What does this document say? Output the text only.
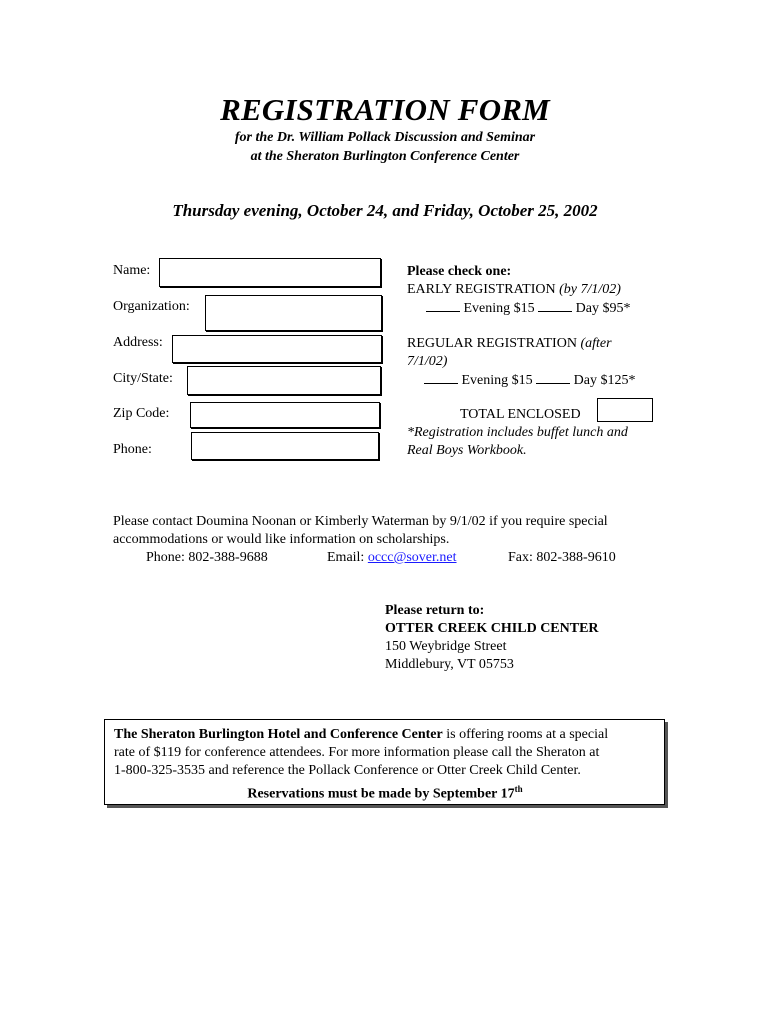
REGISTRATION FORM
for the Dr. William Pollack Discussion and Seminar
at the Sheraton Burlington Conference Center
Thursday evening, October 24, and Friday, October 25, 2002
Name:
Organization:
Address:
City/State:
Zip Code:
Phone:
Please check one:
EARLY REGISTRATION (by 7/1/02)
Evening $15	Day $95*
REGULAR REGISTRATION (after
7/1/02)
Evening $15	Day $125*
TOTAL ENCLOSED
*Registration includes buffet lunch and
Real Boys Workbook.
Please contact Doumina Noonan or Kimberly Waterman by 9/1/02 if you require special
accommodations or would like information on scholarships.
Phone: 802-388-9688	Email: occc@sover.net	Fax: 802-388-9610
Please return to:
OTTER CREEK CHILD CENTER
150 Weybridge Street
Middlebury, VT 05753
The Sheraton Burlington Hotel and Conference Center is offering rooms at a special
rate of $119 for conference attendees. For more information please call the Sheraton at
1-800-325-3535 and reference the Pollack Conference or Otter Creek Child Center.
Reservations must be made by September 17th
